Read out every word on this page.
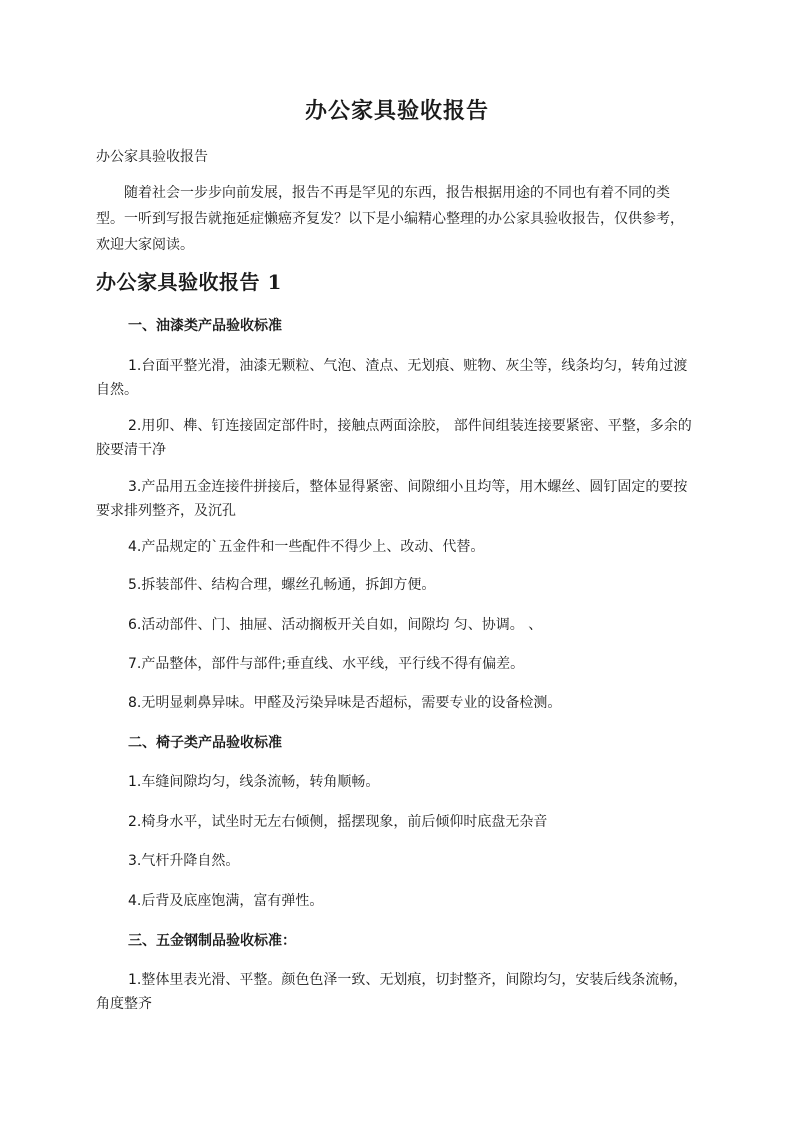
办公家具验收报告
办公家具验收报告
随着社会一步步向前发展，报告不再是罕见的东西，报告根据用途的不同也有着不同的类型。一听到写报告就拖延症懒癌齐复发？以下是小编精心整理的办公家具验收报告，仅供参考，欢迎大家阅读。
办公家具验收报告 1
一、油漆类产品验收标准
1.台面平整光滑，油漆无颗粒、气泡、渣点、无划痕、赃物、灰尘等，线条均匀，转角过渡自然。
2.用卯、榫、钉连接固定部件时，接触点两面涂胶， 部件间组装连接要紧密、平整，多余的胶要清干净
3.产品用五金连接件拼接后，整体显得紧密、间隙细小且均等，用木螺丝、圆钉固定的要按要求排列整齐，及沉孔
4.产品规定的`五金件和一些配件不得少上、改动、代替。
5.拆装部件、结构合理，螺丝孔畅通，拆卸方便。
6.活动部件、门、抽屉、活动搁板开关自如，间隙均 匀、协调。 、
7.产品整体，部件与部件;垂直线、水平线，平行线不得有偏差。
8.无明显刺鼻异味。甲醛及污染异味是否超标，需要专业的设备检测。
二、椅子类产品验收标准
1.车缝间隙均匀，线条流畅，转角顺畅。
2.椅身水平，试坐时无左右倾侧，摇摆现象，前后倾仰时底盘无杂音
3.气杆升降自然。
4.后背及底座饱满，富有弹性。
三、五金钢制品验收标准：
1.整体里表光滑、平整。颜色色泽一致、无划痕，切封整齐，间隙均匀，安装后线条流畅，角度整齐
